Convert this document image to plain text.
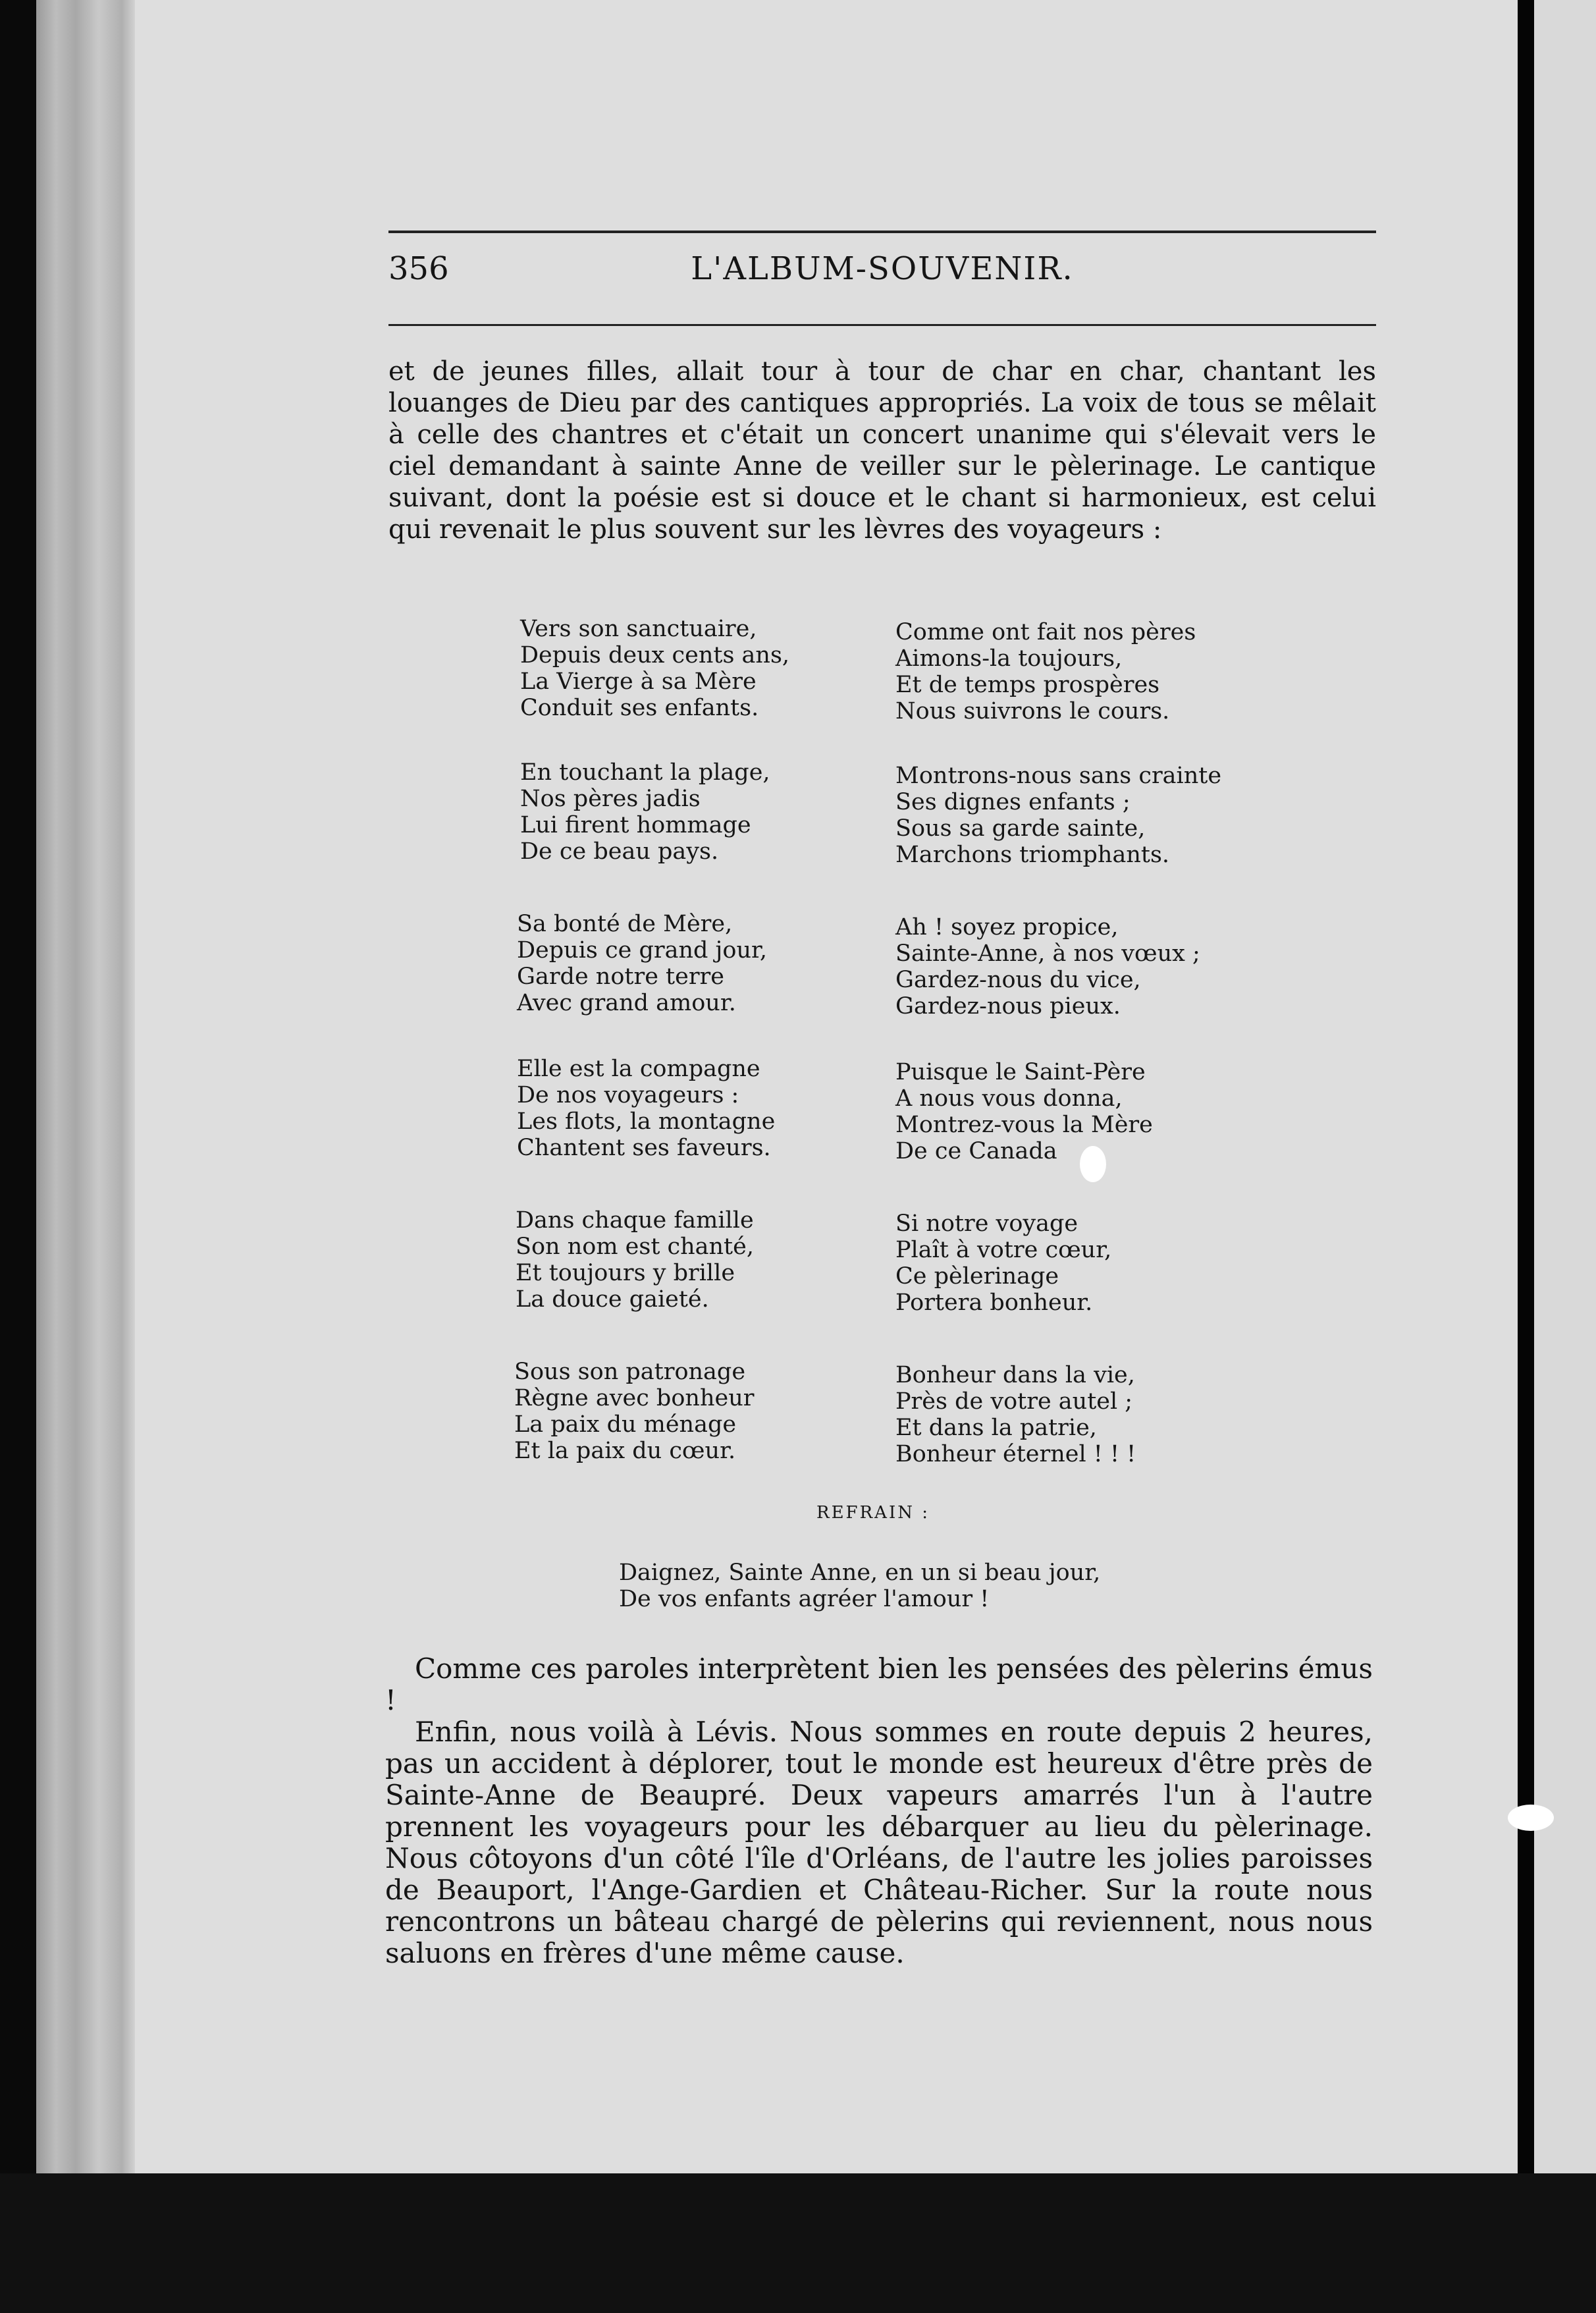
356	L'ALBUM-SOUVENIR.
et de jeunes filles, allait tour à tour de char en char, chantant les louanges de Dieu par des cantiques appropriés. La voix de tous se mêlait à celle des chantres et c'était un concert unanime qui s'élevait vers le ciel demandant à sainte Anne de veiller sur le pèlerinage. Le cantique suivant, dont la poésie est si douce et le chant si harmonieux, est celui qui revenait le plus souvent sur les lèvres des voyageurs :
Vers son sanctuaire,
Depuis deux cents ans,
La Vierge à sa Mère
Conduit ses enfants.
En touchant la plage,
Nos pères jadis
Lui firent hommage
De ce beau pays.
Sa bonté de Mère,
Depuis ce grand jour,
Garde notre terre
Avec grand amour.
Elle est la compagne
De nos voyageurs :
Les flots, la montagne
Chantent ses faveurs.
Dans chaque famille
Son nom est chanté,
Et toujours y brille
La douce gaieté.
Sous son patronage
Règne avec bonheur
La paix du ménage
Et la paix du cœur.
Comme ont fait nos pères
Aimons-la toujours,
Et de temps prospères
Nous suivrons le cours.
Montrons-nous sans crainte
Ses dignes enfants ;
Sous sa garde sainte,
Marchons triomphants.
Ah ! soyez propice,
Sainte-Anne, à nos vœux ;
Gardez-nous du vice,
Gardez-nous pieux.
Puisque le Saint-Père
A nous vous donna,
Montrez-vous la Mère
De ce Canada
Si notre voyage
Plaît à votre cœur,
Ce pèlerinage
Portera bonheur.
Bonheur dans la vie,
Près de votre autel ;
Et dans la patrie,
Bonheur éternel ! ! !
REFRAIN :
Daignez, Sainte Anne, en un si beau jour,
De vos enfants agréer l'amour !

Comme ces paroles interprètent bien les pensées des pèlerins émus !

Enfin, nous voilà à Lévis. Nous sommes en route depuis 2 heures, pas un accident à déplorer, tout le monde est heureux d'être près de Sainte-Anne de Beaupré. Deux vapeurs amarrés l'un à l'autre prennent les voyageurs pour les débarquer au lieu du pèlerinage. Nous côtoyons d'un côté l'île d'Orléans, de l'autre les jolies paroisses de Beauport, l'Ange-Gardien et Château-Richer. Sur la route nous rencontrons un bâteau chargé de pèlerins qui reviennent, nous nous saluons en frères d'une même cause.
